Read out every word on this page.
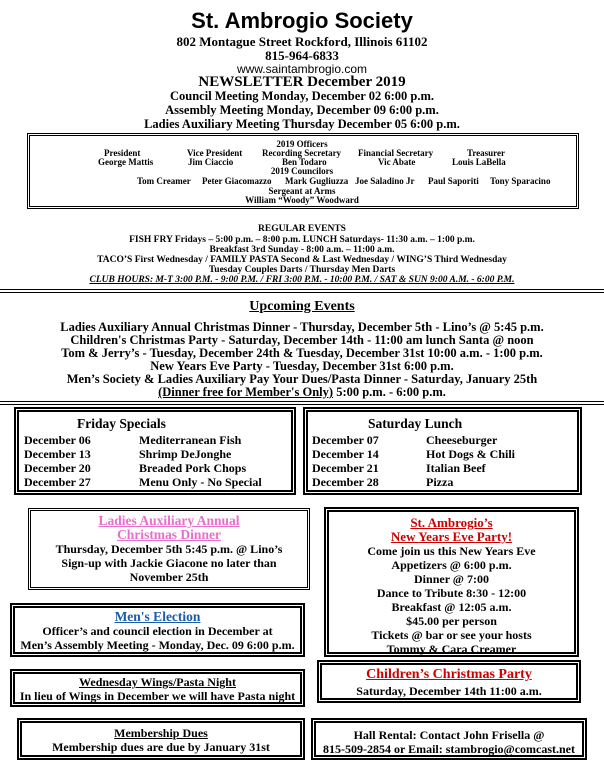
St. Ambrogio Society
802 Montague Street Rockford, Illinois 61102
815-964-6833
www.saintambrogio.com
NEWSLETTER December 2019
Council Meeting Monday, December 02 6:00 p.m.
Assembly Meeting Monday, December 09 6:00 p.m.
Ladies Auxiliary Meeting Thursday December 05 6:00 p.m.
2019 Officers
President
George Mattis
Vice President
Jim Ciaccio
Recording Secretary
Ben Todaro
Financial Secretary
Vic Abate
Treasurer
Louis LaBella
2019 Councilors
Tom Creamer Peter Giacomazzo Mark Gugliuzza Joe Saladino Jr Paul Saporiti Tony Sparacino
Sergeant at Arms
William “Woody” Woodward
REGULAR EVENTS
FISH FRY Fridays – 5:00 p.m. – 8:00 p.m. LUNCH Saturdays- 11:30 a.m. – 1:00 p.m.
Breakfast 3rd Sunday - 8:00 a.m. – 11:00 a.m.
TACO’S First Wednesday / FAMILY PASTA Second & Last Wednesday / WING’S Third Wednesday
Tuesday Couples Darts / Thursday Men Darts
CLUB HOURS: M-T 3:00 P.M. - 9:00 P.M. / FRI 3:00 P.M. - 10:00 P.M. / SAT & SUN 9:00 A.M. - 6:00 P.M.
Upcoming Events
Ladies Auxiliary Annual Christmas Dinner - Thursday, December 5th - Lino’s @ 5:45 p.m.
Children's Christmas Party - Saturday, December 14th - 11:00 am lunch Santa @ noon
Tom & Jerry’s - Tuesday, December 24th & Tuesday, December 31st 10:00 a.m. - 1:00 p.m.
New Years Eve Party - Tuesday, December 31st 6:00 p.m.
Men’s Society & Ladies Auxiliary Pay Your Dues/Pasta Dinner - Saturday, January 25th
(Dinner free for Member's Only) 5:00 p.m. - 6:00 p.m.
Friday Specials
December 06	Mediterranean Fish
December 13	Shrimp DeJonghe
December 20	Breaded Pork Chops
December 27	Menu Only - No Special
Saturday Lunch
December 07	Cheeseburger
December 14	Hot Dogs & Chili
December 21	Italian Beef
December 28	Pizza
Ladies Auxiliary Annual
Christmas Dinner
Thursday, December 5th 5:45 p.m. @ Lino’s
Sign-up with Jackie Giacone no later than
November 25th
St. Ambrogio’s
New Years Eve Party!
Come join us this New Years Eve
Appetizers @ 6:00 p.m.
Dinner @ 7:00
Dance to Tribute 8:30 - 12:00
Breakfast @ 12:05 a.m.
$45.00 per person
Tickets @ bar or see your hosts
Tommy & Cara Creamer
Men's Election
Officer’s and council election in December at
Men’s Assembly Meeting - Monday, Dec. 09 6:00 p.m.
Wednesday Wings/Pasta Night
In lieu of Wings in December we will have Pasta night
Children’s Christmas Party
Saturday, December 14th 11:00 a.m.
Membership Dues
Membership dues are due by January 31st
Hall Rental: Contact John Frisella @
815-509-2854 or Email: stambrogio@comcast.net
